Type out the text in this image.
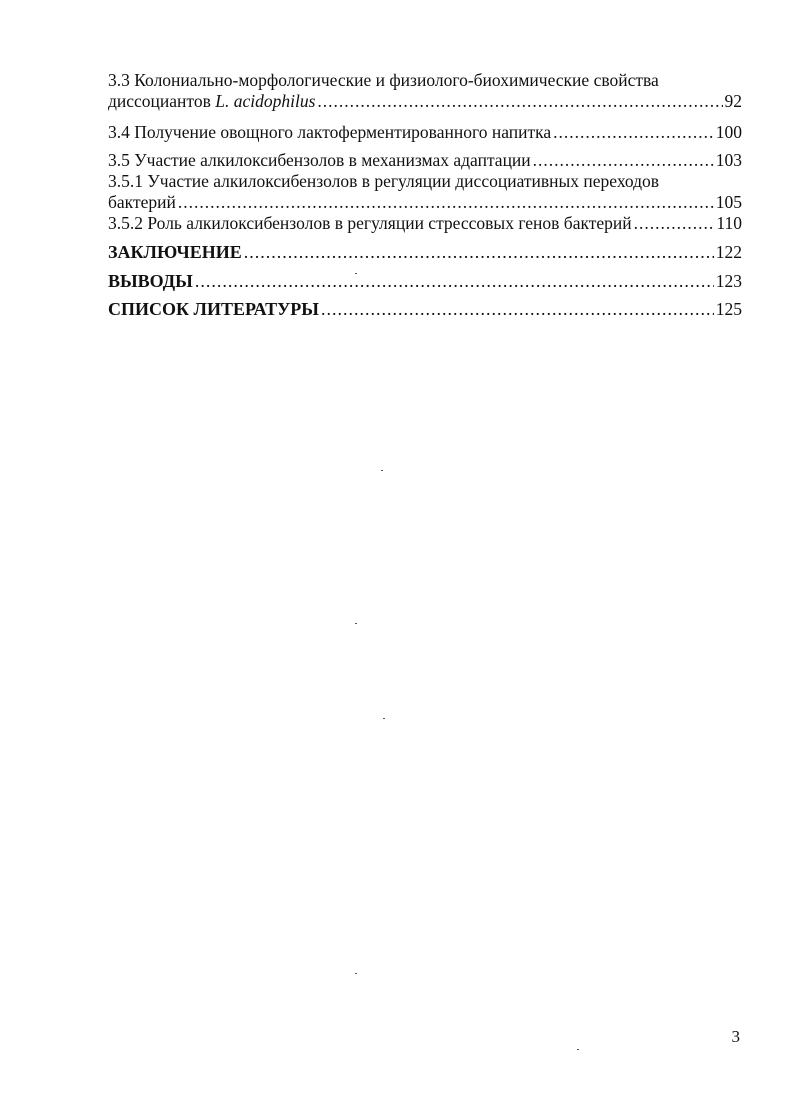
3.3 Колониально-морфологические и физиолого-биохимические свойства
диссоциантов
L. acidophilus .....	92
3.4 Получение овощного лактоферментированного напитка .....	100
3.5 Участие алкилоксибензолов в механизмах адаптации .....	103
3.5.1 Участие алкилоксибензолов в регуляции диссоциативных переходов
бактерий .....	105
3.5.2 Роль алкилоксибензолов в регуляции стрессовых генов бактерий .....	110
ЗАКЛЮЧЕНИЕ .....	122
ВЫВОДЫ .....	123
СПИСОК ЛИТЕРАТУРЫ .....	125
3
